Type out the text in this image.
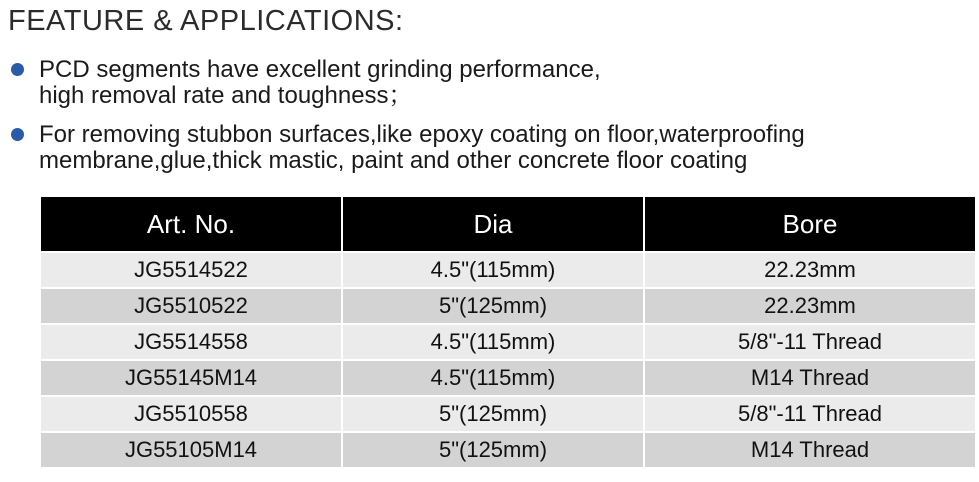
FEATURE & APPLICATIONS:
PCD segments have excellent grinding performance,
high removal rate and toughness；
For removing stubbon surfaces,like epoxy coating on floor,waterproofing
membrane,glue,thick mastic, paint and other concrete floor coating
Art. No.	Dia	Bore
JG5514522	4.5"(115mm)	22.23mm
JG5510522	5"(125mm)	22.23mm
JG5514558	4.5"(115mm)	5/8"-11 Thread
JG55145M14	4.5"(115mm)	M14 Thread
JG5510558	5"(125mm)	5/8"-11 Thread
JG55105M14	5"(125mm)	M14 Thread
